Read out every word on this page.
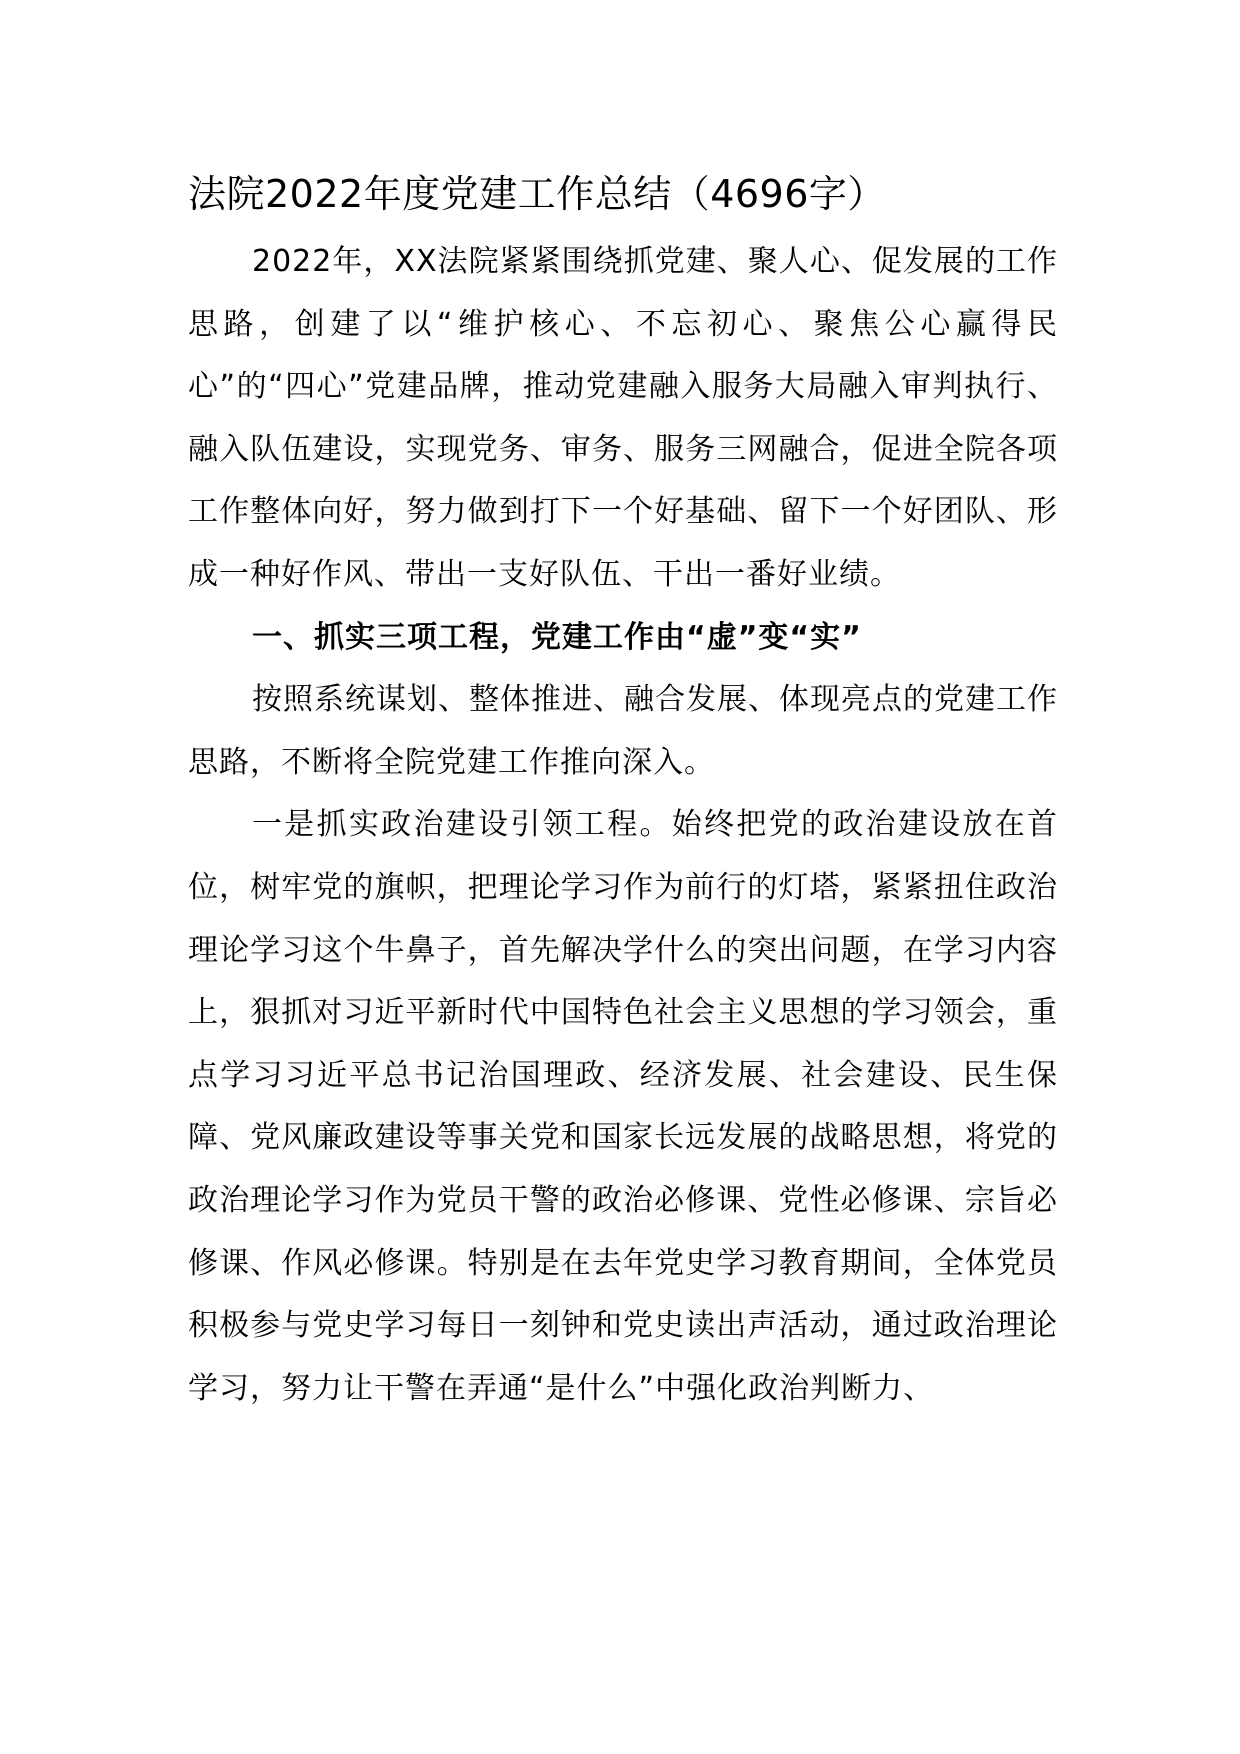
法院2022年度党建工作总结（4696字）

2022年，XX法院紧紧围绕抓党建、聚人心、促发展的工作思路，创建了以“维护核心、不忘初心、聚焦公心赢得民心”的“四心”党建品牌，推动党建融入服务大局融入审判执行、融入队伍建设，实现党务、审务、服务三网融合，促进全院各项工作整体向好，努力做到打下一个好基础、留下一个好团队、形成一种好作风、带出一支好队伍、干出一番好业绩。

一、抓实三项工程，党建工作由“虚”变“实”

按照系统谋划、整体推进、融合发展、体现亮点的党建工作思路，不断将全院党建工作推向深入。

一是抓实政治建设引领工程。始终把党的政治建设放在首位，树牢党的旗帜，把理论学习作为前行的灯塔，紧紧扭住政治理论学习这个牛鼻子，首先解决学什么的突出问题，在学习内容上，狠抓对习近平新时代中国特色社会主义思想的学习领会，重点学习习近平总书记治国理政、经济发展、社会建设、民生保障、党风廉政建设等事关党和国家长远发展的战略思想，将党的政治理论学习作为党员干警的政治必修课、党性必修课、宗旨必修课、作风必修课。特别是在去年党史学习教育期间，全体党员积极参与党史学习每日一刻钟和党史读出声活动，通过政治理论学习，努力让干警在弄通“是什么”中强化政治判断力、
